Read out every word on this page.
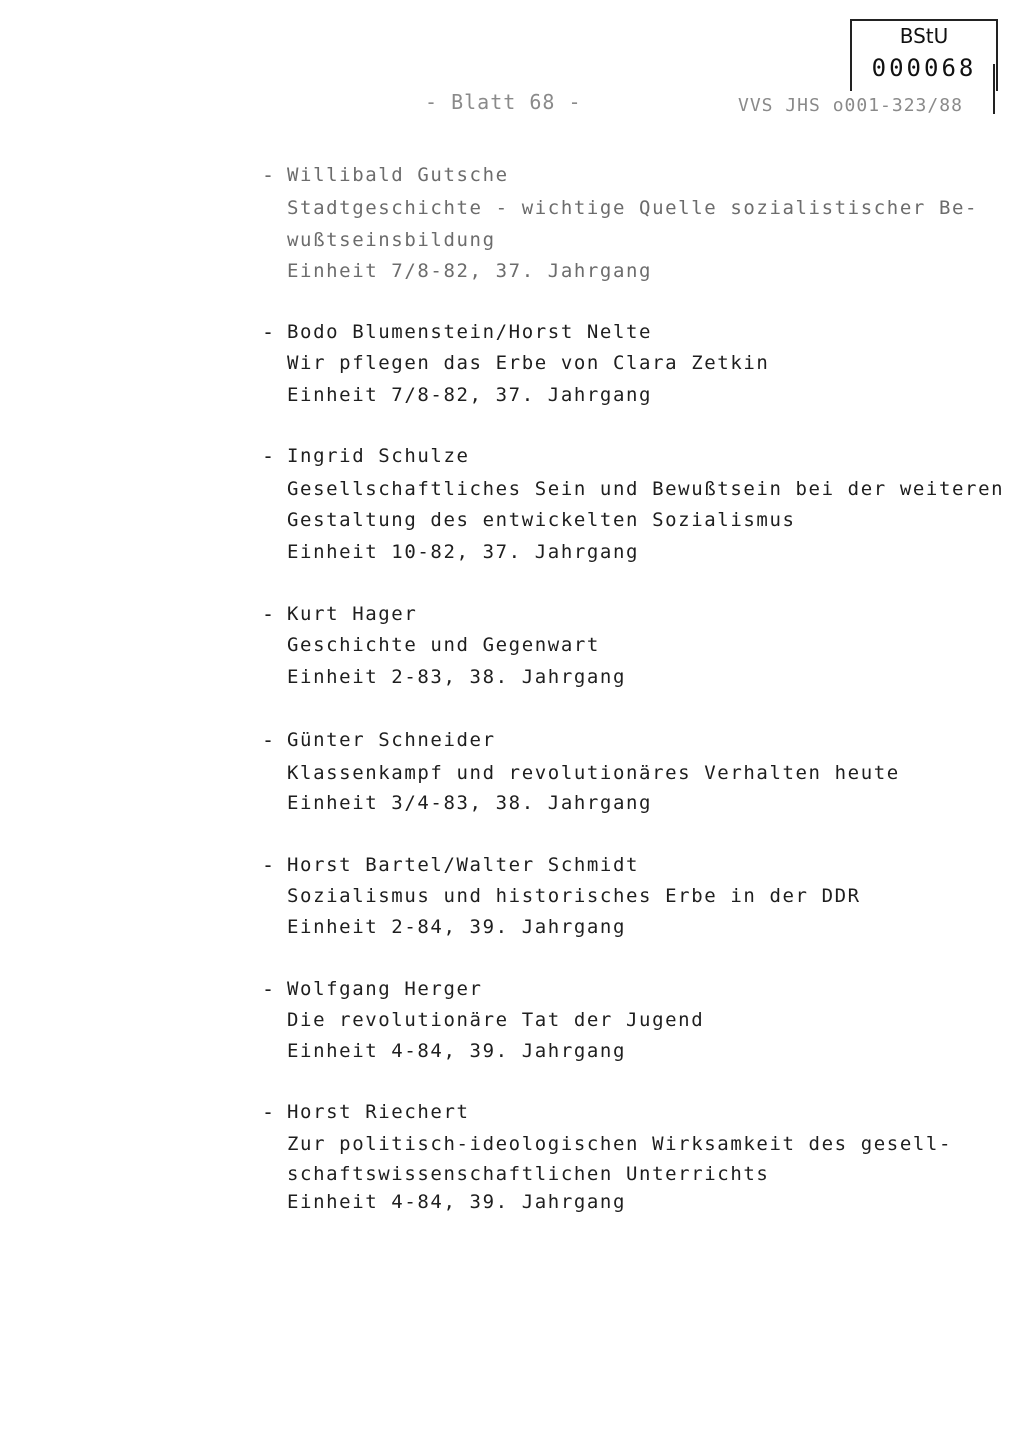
BStU
000068
- Blatt 68 -	VVS JHS o001-323/88
- Willibald Gutsche
Stadtgeschichte - wichtige Quelle sozialistischer Be-
wußtseinsbildung
Einheit 7/8-82, 37. Jahrgang
- Bodo Blumenstein/Horst Nelte
Wir pflegen das Erbe von Clara Zetkin
Einheit 7/8-82, 37. Jahrgang
- Ingrid Schulze
Gesellschaftliches Sein und Bewußtsein bei der weiteren
Gestaltung des entwickelten Sozialismus
Einheit 10-82, 37. Jahrgang
- Kurt Hager
Geschichte und Gegenwart
Einheit 2-83, 38. Jahrgang
- Günter Schneider
Klassenkampf und revolutionäres Verhalten heute
Einheit 3/4-83, 38. Jahrgang
- Horst Bartel/Walter Schmidt
Sozialismus und historisches Erbe in der DDR
Einheit 2-84, 39. Jahrgang
- Wolfgang Herger
Die revolutionäre Tat der Jugend
Einheit 4-84, 39. Jahrgang
- Horst Riechert
Zur politisch-ideologischen Wirksamkeit des gesell-
schaftswissenschaftlichen Unterrichts
Einheit 4-84, 39. Jahrgang
